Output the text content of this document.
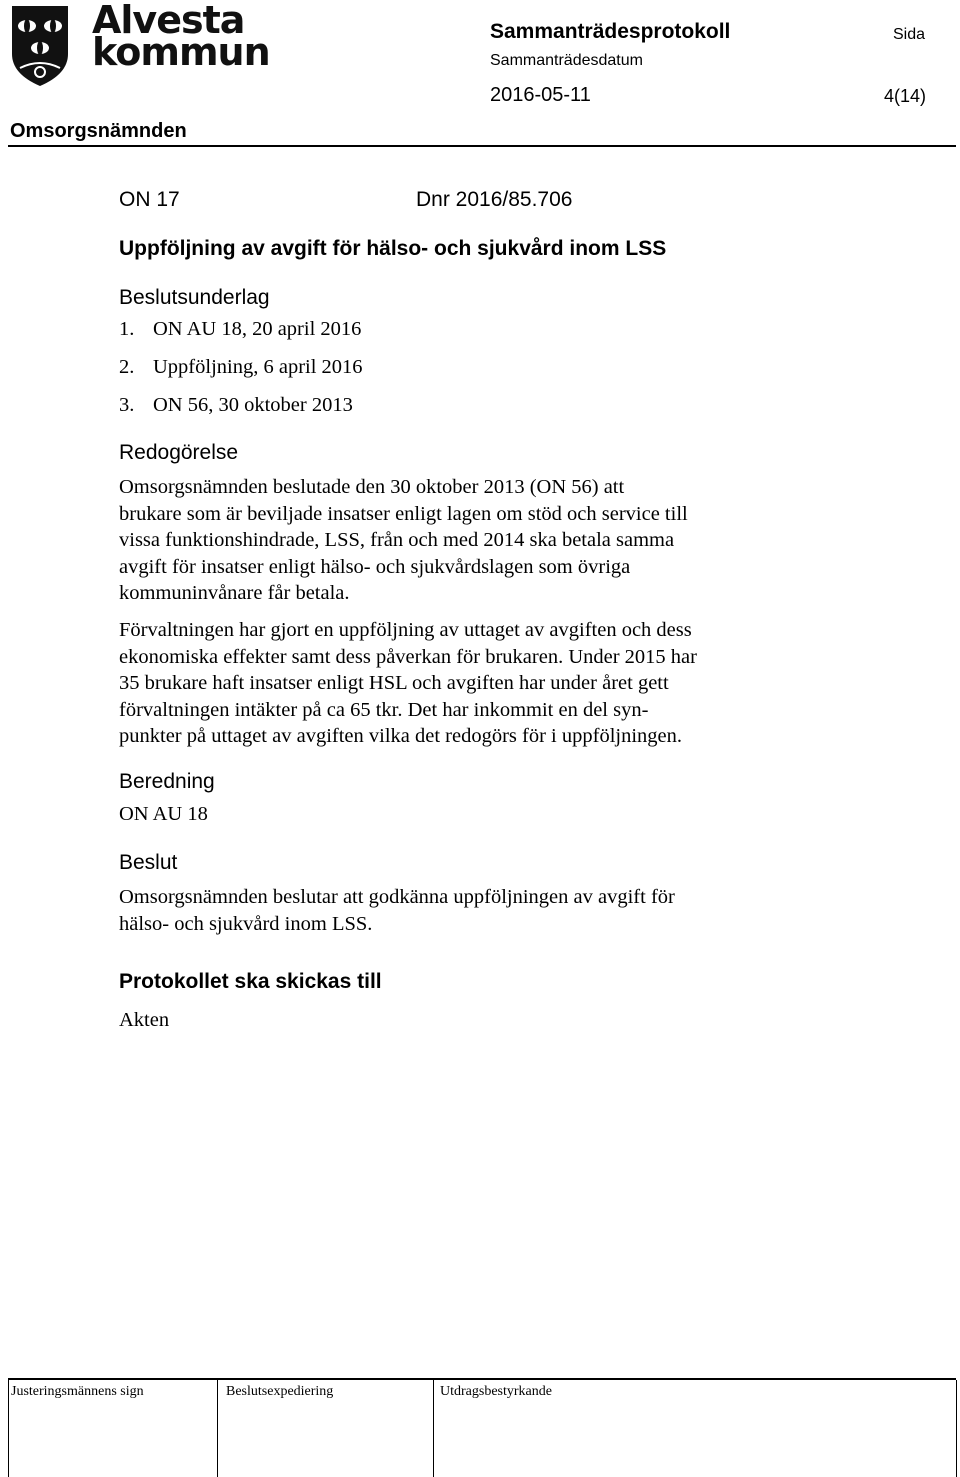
Alvesta
kommun	Sammanträdesprotokoll
Sammanträdesdatum
Sida
2016-05-11	4(14)
Omsorgsnämnden
ON 17	Dnr 2016/85.706
Uppföljning av avgift för hälso- och sjukvård inom LSS
Beslutsunderlag
1. ON AU 18, 20 april 2016
2. Uppföljning, 6 april 2016
3. ON 56, 30 oktober 2013
Redogörelse
Omsorgsnämnden beslutade den 30 oktober 2013 (ON 56) att
brukare som är beviljade insatser enligt lagen om stöd och service till
vissa funktionshindrade, LSS, från och med 2014 ska betala samma
avgift för insatser enligt hälso- och sjukvårdslagen som övriga
kommuninvånare får betala.
Förvaltningen har gjort en uppföljning av uttaget av avgiften och dess
ekonomiska effekter samt dess påverkan för brukaren. Under 2015 har
35 brukare haft insatser enligt HSL och avgiften har under året gett
förvaltningen intäkter på ca 65 tkr. Det har inkommit en del syn-
punkter på uttaget av avgiften vilka det redogörs för i uppföljningen.
Beredning
ON AU 18
Beslut
Omsorgsnämnden beslutar att godkänna uppföljningen av avgift för
hälso- och sjukvård inom LSS.
Protokollet ska skickas till
Akten
Justeringsmännens sign	Beslutsexpediering	Utdragsbestyrkande
